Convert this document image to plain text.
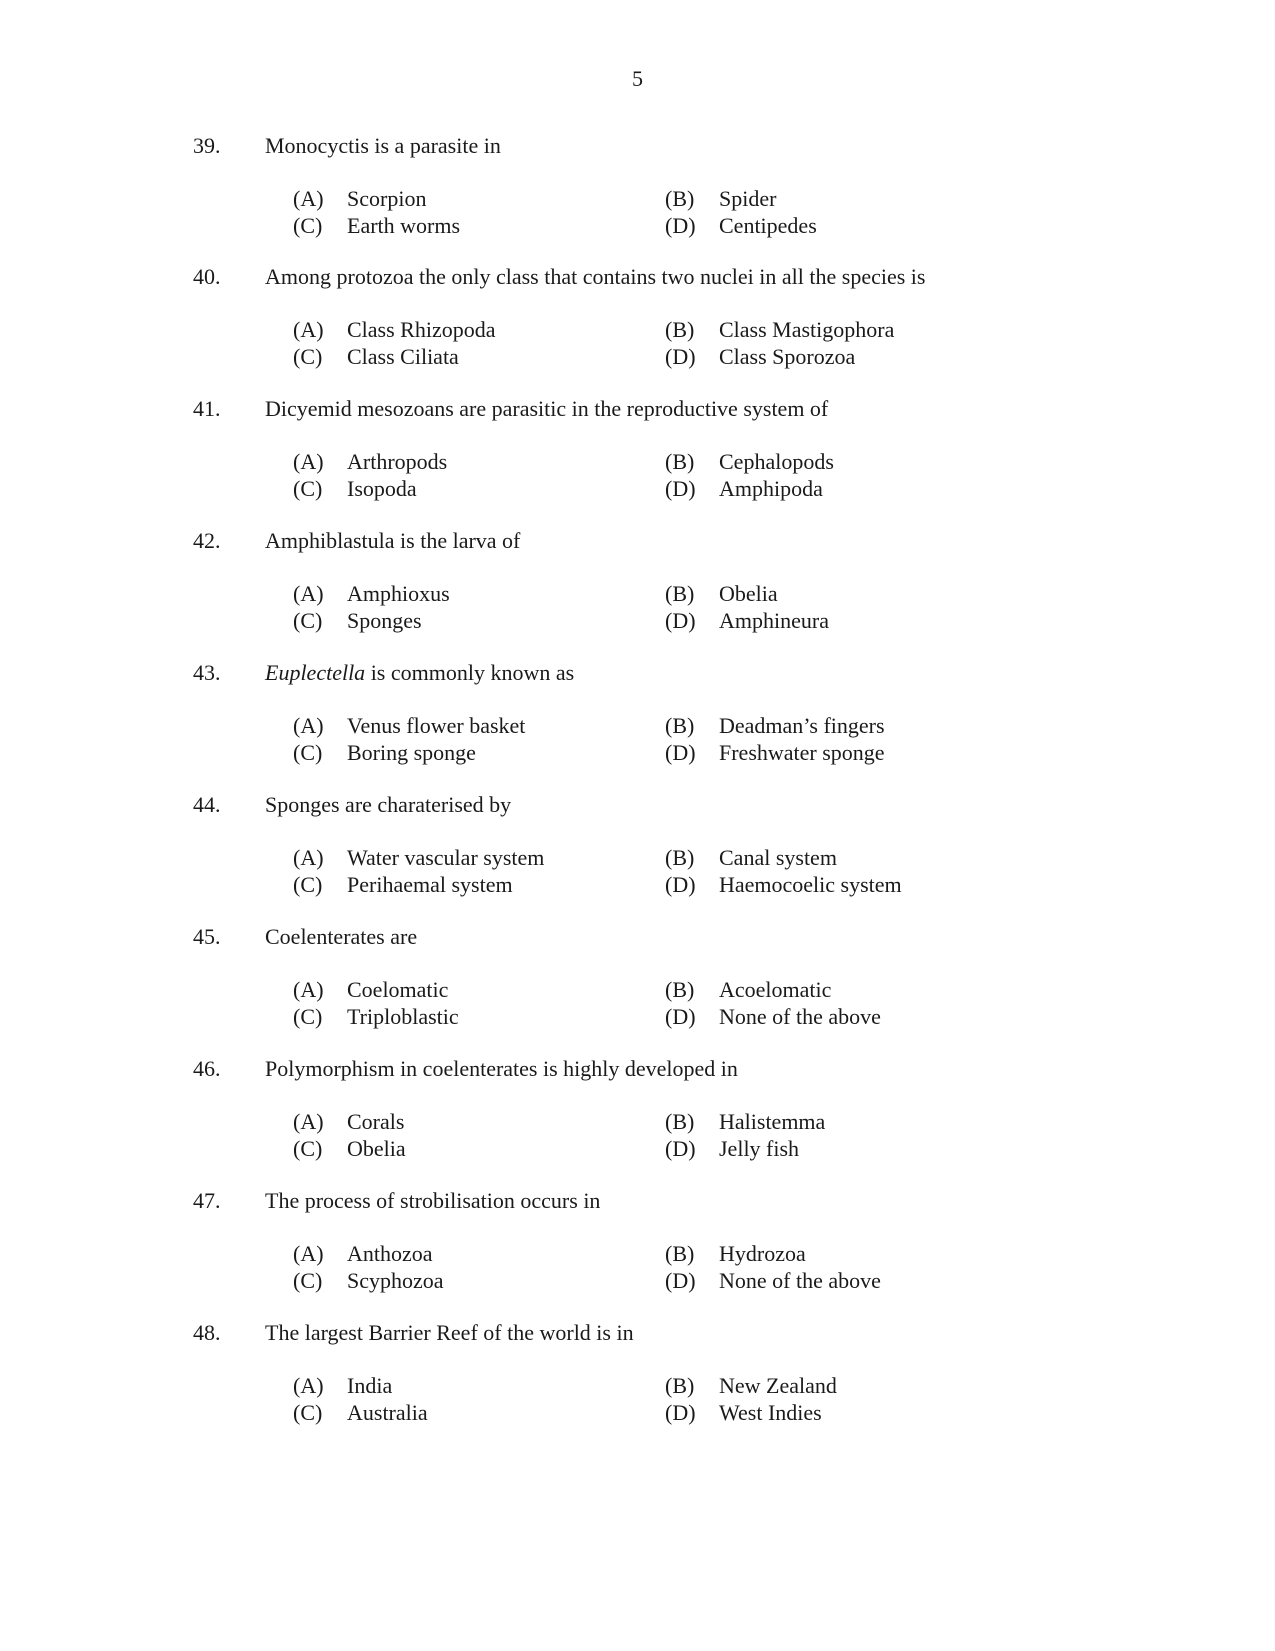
5
39. Monocyctis is a parasite in
(A) Scorpion	(B) Spider
(C) Earth worms	(D) Centipedes
40. Among protozoa the only class that contains two nuclei in all the species is
(A) Class Rhizopoda	(B) Class Mastigophora
(C) Class Ciliata	(D) Class Sporozoa
41. Dicyemid mesozoans are parasitic in the reproductive system of
(A) Arthropods	(B) Cephalopods
(C) Isopoda	(D) Amphipoda
42. Amphiblastula is the larva of
(A) Amphioxus	(B) Obelia
(C) Sponges	(D) Amphineura
43. Euplectella is commonly known as
(A) Venus flower basket	(B) Deadman’s fingers
(C) Boring sponge	(D) Freshwater sponge
44. Sponges are charaterised by
(A) Water vascular system	(B) Canal system
(C) Perihaemal system	(D) Haemocoelic system
45. Coelenterates are
(A) Coelomatic	(B) Acoelomatic
(C) Triploblastic	(D) None of the above
46. Polymorphism in coelenterates is highly developed in
(A) Corals	(B) Halistemma
(C) Obelia	(D) Jelly fish
47. The process of strobilisation occurs in
(A) Anthozoa	(B) Hydrozoa
(C) Scyphozoa	(D) None of the above
48. The largest Barrier Reef of the world is in
(A) India	(B) New Zealand
(C) Australia	(D) West Indies
